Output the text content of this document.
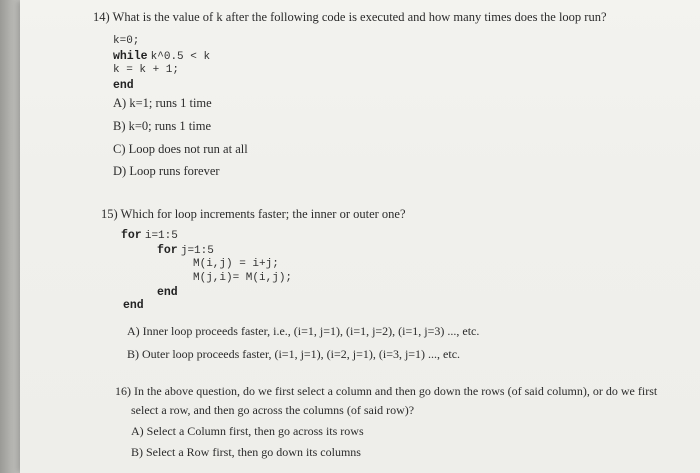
14) What is the value of k after the following code is executed and how many times does the loop run?
k=0;
while k^0.5 < k
k = k + 1;
end
A) k=1; runs 1 time
B) k=0; runs 1 time
C) Loop does not run at all
D) Loop runs forever
15) Which for loop increments faster; the inner or outer one?
for i=1:5
for j=1:5
M(i,j) = i+j;
M(j,i)= M(i,j);
end
end
A) Inner loop proceeds faster, i.e., (i=1, j=1), (i=1, j=2), (i=1, j=3) ..., etc.
B) Outer loop proceeds faster, (i=1, j=1), (i=2, j=1), (i=3, j=1) ..., etc.
16) In the above question, do we first select a column and then go down the rows (of said column), or do we first
select a row, and then go across the columns (of said row)?
A) Select a Column first, then go across its rows
B) Select a Row first, then go down its columns
